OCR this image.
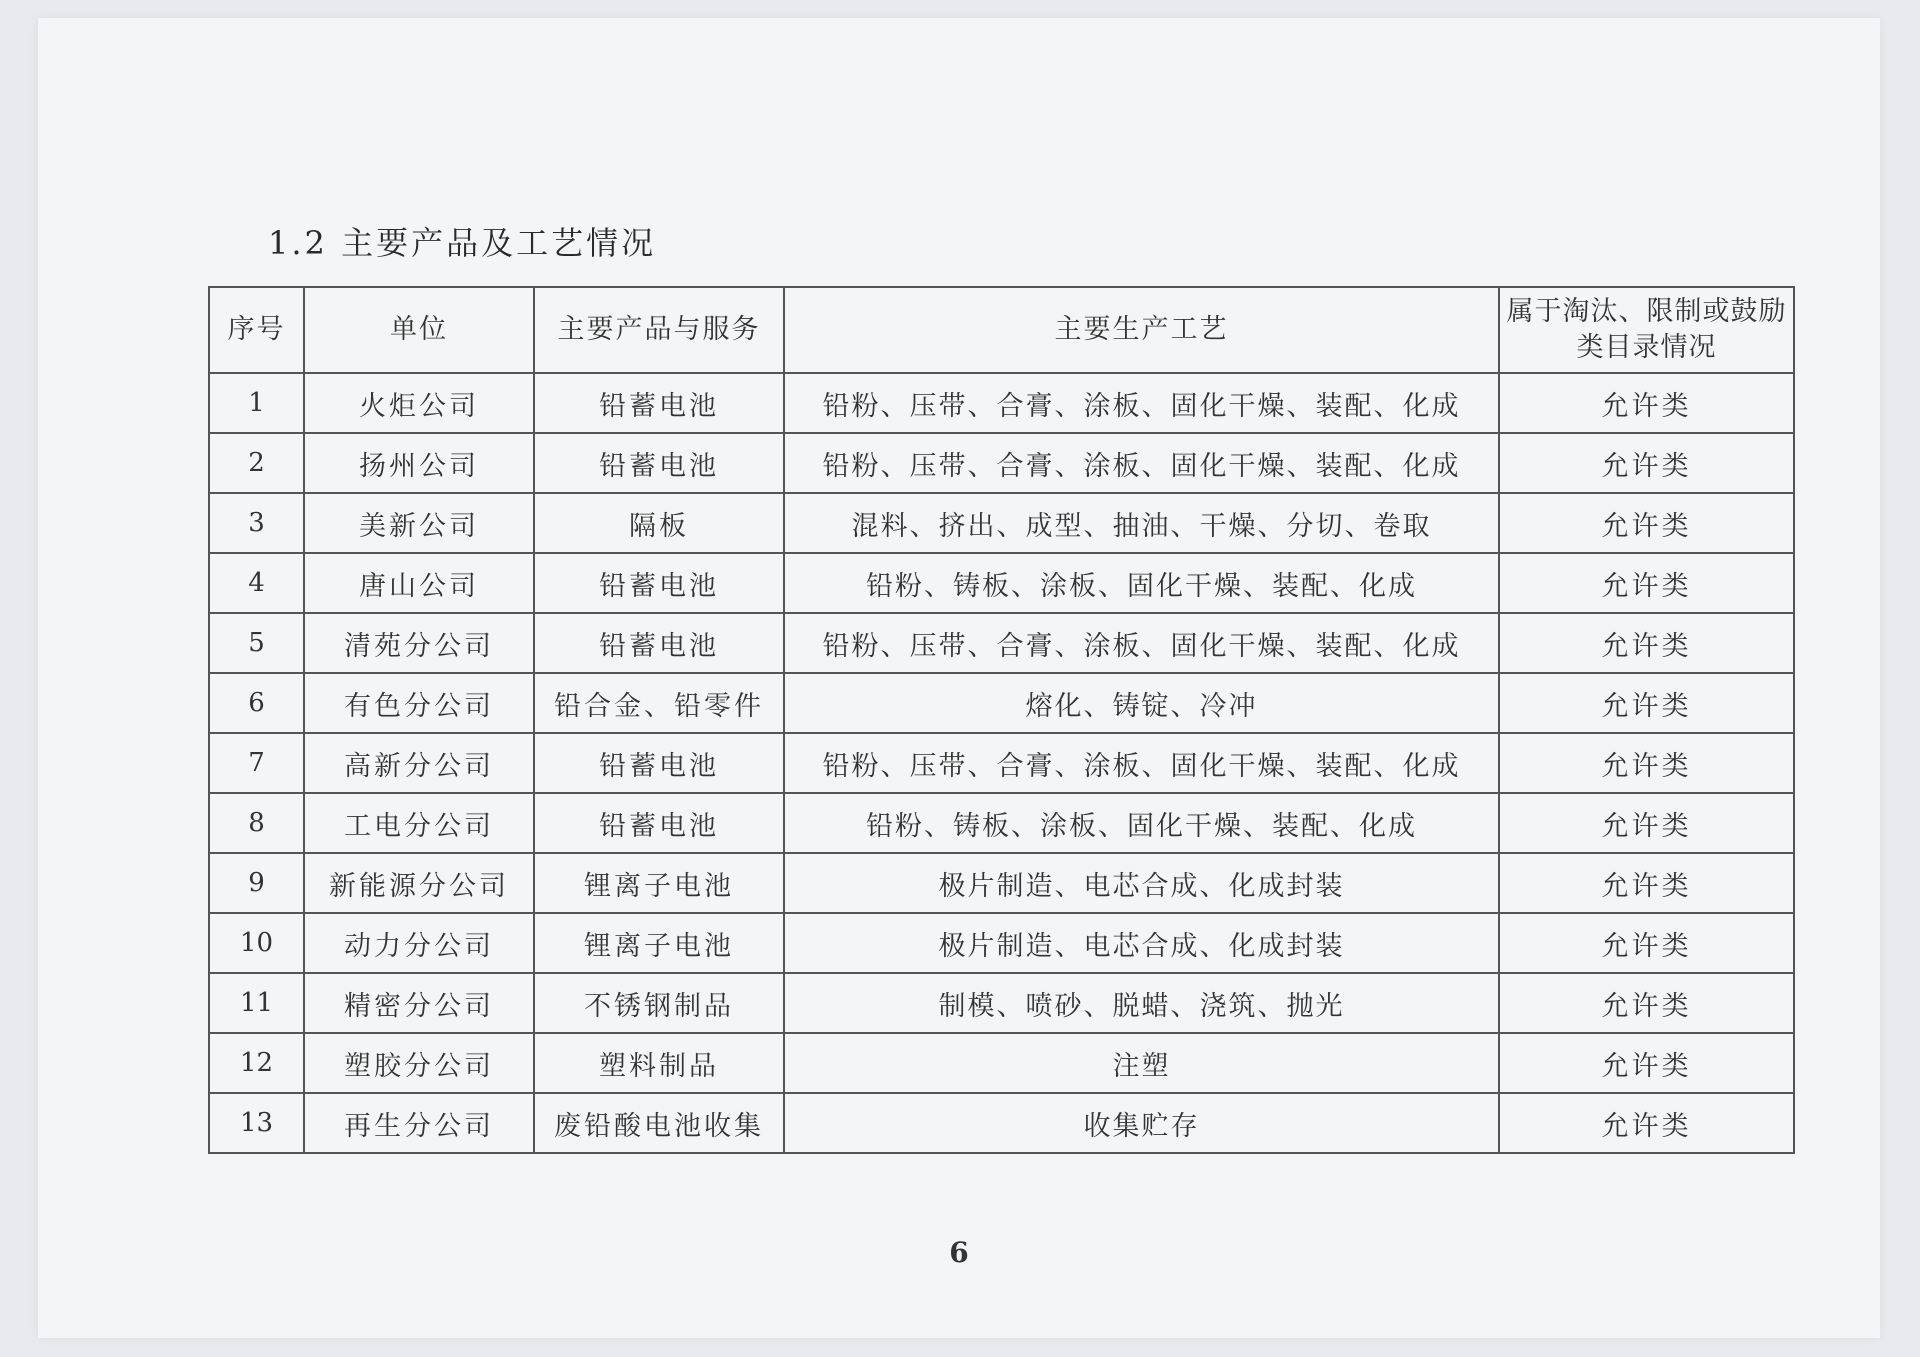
1.2 主要产品及工艺情况
序号	单位	主要产品与服务	主要生产工艺	属于淘汰、限制或鼓励类目录情况
1	火炬公司	铅蓄电池	铅粉、压带、合膏、涂板、固化干燥、装配、化成	允许类
2	扬州公司	铅蓄电池	铅粉、压带、合膏、涂板、固化干燥、装配、化成	允许类
3	美新公司	隔板	混料、挤出、成型、抽油、干燥、分切、卷取	允许类
4	唐山公司	铅蓄电池	铅粉、铸板、涂板、固化干燥、装配、化成	允许类
5	清苑分公司	铅蓄电池	铅粉、压带、合膏、涂板、固化干燥、装配、化成	允许类
6	有色分公司	铅合金、铅零件	熔化、铸锭、冷冲	允许类
7	高新分公司	铅蓄电池	铅粉、压带、合膏、涂板、固化干燥、装配、化成	允许类
8	工电分公司	铅蓄电池	铅粉、铸板、涂板、固化干燥、装配、化成	允许类
9	新能源分公司	锂离子电池	极片制造、电芯合成、化成封装	允许类
10	动力分公司	锂离子电池	极片制造、电芯合成、化成封装	允许类
11	精密分公司	不锈钢制品	制模、喷砂、脱蜡、浇筑、抛光	允许类
12	塑胶分公司	塑料制品	注塑	允许类
13	再生分公司	废铅酸电池收集	收集贮存	允许类
6
